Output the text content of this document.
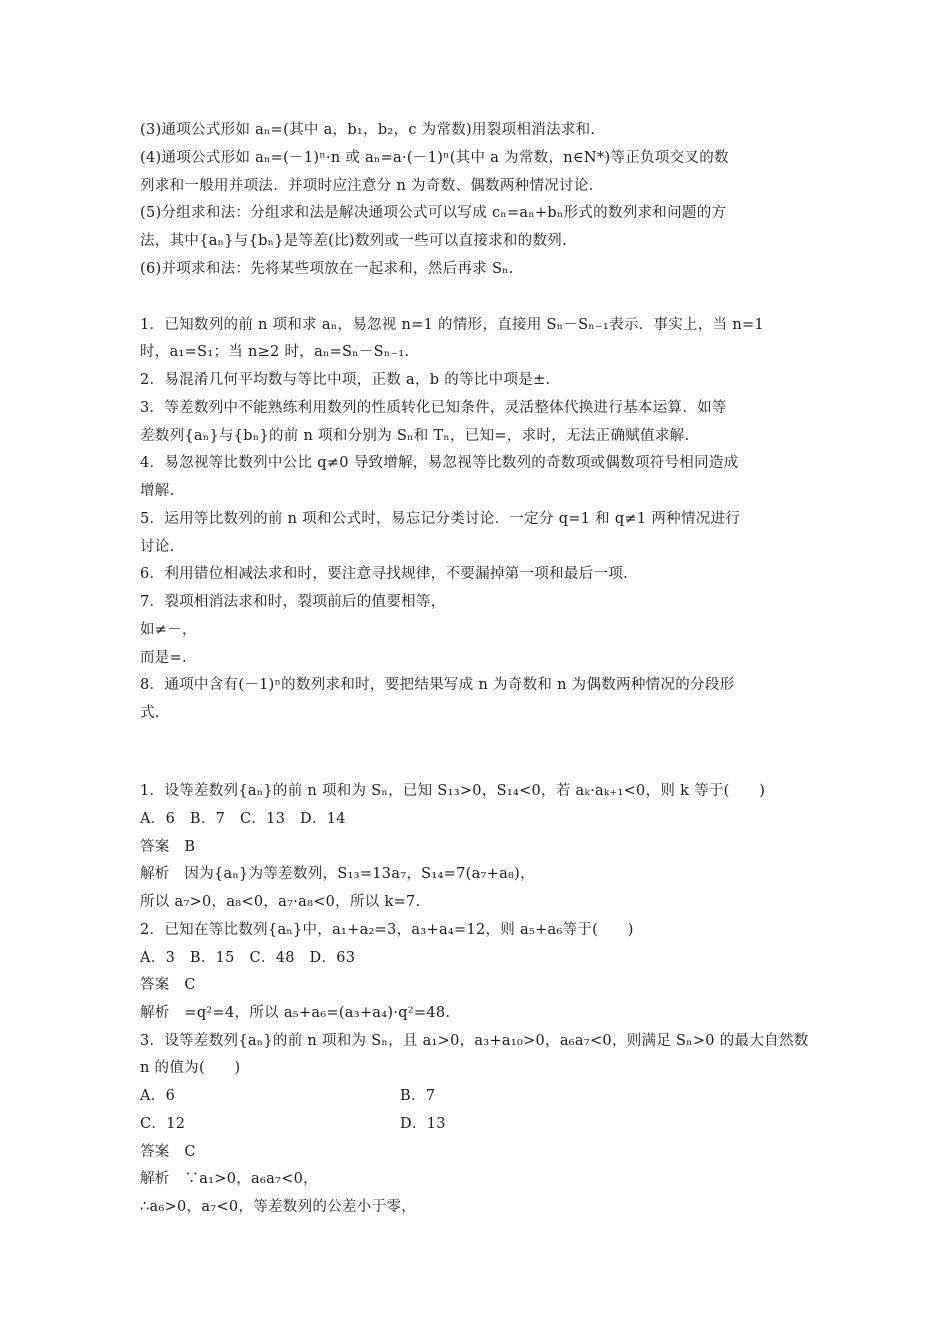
(3)通项公式形如 aₙ=(其中 a，b₁，b₂，c 为常数)用裂项相消法求和.
(4)通项公式形如 aₙ=(－1)ⁿ·n 或 aₙ=a·(－1)ⁿ(其中 a 为常数，n∈N*)等正负项交叉的数
列求和一般用并项法．并项时应注意分 n 为奇数、偶数两种情况讨论.
(5)分组求和法：分组求和法是解决通项公式可以写成 cₙ=aₙ+bₙ形式的数列求和问题的方
法，其中{aₙ}与{bₙ}是等差(比)数列或一些可以直接求和的数列.
(6)并项求和法：先将某些项放在一起求和，然后再求 Sₙ.
1．已知数列的前 n 项和求 aₙ，易忽视 n=1 的情形，直接用 Sₙ－Sₙ₋₁表示．事实上，当 n=1
时，a₁=S₁；当 n≥2 时，aₙ=Sₙ－Sₙ₋₁.
2．易混淆几何平均数与等比中项，正数 a，b 的等比中项是±.
3．等差数列中不能熟练利用数列的性质转化已知条件，灵活整体代换进行基本运算．如等
差数列{aₙ}与{bₙ}的前 n 项和分别为 Sₙ和 Tₙ，已知=，求时，无法正确赋值求解.
4．易忽视等比数列中公比 q≠0 导致增解，易忽视等比数列的奇数项或偶数项符号相同造成
增解.
5．运用等比数列的前 n 项和公式时，易忘记分类讨论．一定分 q=1 和 q≠1 两种情况进行
讨论.
6．利用错位相减法求和时，要注意寻找规律，不要漏掉第一项和最后一项.
7．裂项相消法求和时，裂项前后的值要相等，
如≠－，
而是=.
8．通项中含有(－1)ⁿ的数列求和时，要把结果写成 n 为奇数和 n 为偶数两种情况的分段形
式.
1．设等差数列{aₙ}的前 n 项和为 Sₙ，已知 S₁₃>0，S₁₄<0，若 aₖ·aₖ₊₁<0，则 k 等于(　　)
A．6　B．7　C．13　D．14
答案　B
解析　因为{aₙ}为等差数列，S₁₃=13a₇，S₁₄=7(a₇+a₈)，
所以 a₇>0，a₈<0，a₇·a₈<0，所以 k=7.
2．已知在等比数列{aₙ}中，a₁+a₂=3，a₃+a₄=12，则 a₅+a₆等于(　　)
A．3　B．15　C．48　D．63
答案　C
解析　=q²=4，所以 a₅+a₆=(a₃+a₄)·q²=48.
3．设等差数列{aₙ}的前 n 项和为 Sₙ，且 a₁>0，a₃+a₁₀>0，a₆a₇<0，则满足 Sₙ>0 的最大自然数
n 的值为(　　)
A．6	B．7
C．12	D．13
答案　C
解析　∵a₁>0，a₆a₇<0，
∴a₆>0，a₇<0，等差数列的公差小于零，
